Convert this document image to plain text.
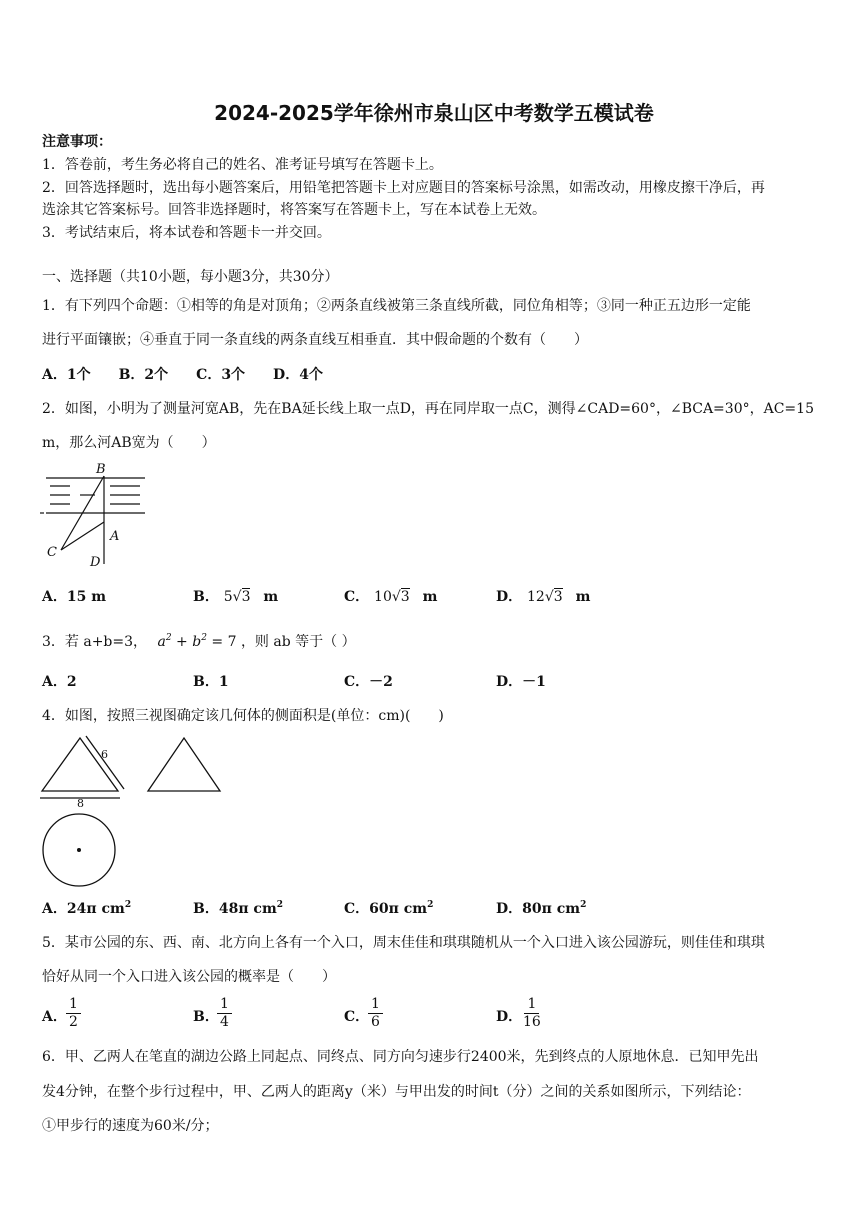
2024-2025学年徐州市泉山区中考数学五模试卷
注意事项：
1．答卷前，考生务必将自己的姓名、准考证号填写在答题卡上。
2．回答选择题时，选出每小题答案后，用铅笔把答题卡上对应题目的答案标号涂黑，如需改动，用橡皮擦干净后，再
选涂其它答案标号。回答非选择题时，将答案写在答题卡上，写在本试卷上无效。
3．考试结束后，将本试卷和答题卡一并交回。
一、选择题（共10小题，每小题3分，共30分）
1．有下列四个命题：①相等的角是对顶角；②两条直线被第三条直线所截，同位角相等；③同一种正五边形一定能
进行平面镶嵌；④垂直于同一条直线的两条直线互相垂直．其中假命题的个数有（　　）
A．1个　　B．2个　　C．3个　　D．4个
2．如图，小明为了测量河宽AB，先在BA延长线上取一点D，再在同岸取一点C，测得∠CAD=60°，∠BCA=30°，AC=15
m，那么河AB宽为（　　）
B
A
C
D
A．15 m	B． 5√3 m	C． 10√3 m	D． 12√3 m
3．若 a+b=3， $a^2 + b^2 = 7$ ，则 ab 等于（ ）
A．2	B．1	C．－2	D．－1
4．如图，按照三视图确定该几何体的侧面积是(单位：cm)(　　)
6
8
A．24π $cm^2$	B．48π $cm^2$	C．60π $cm^2$	D．80π $cm^2$
5．某市公园的东、西、南、北方向上各有一个入口，周末佳佳和琪琪随机从一个入口进入该公园游玩，则佳佳和琪琪
恰好从同一个入口进入该公园的概率是（　　）
A． $\frac{1}{2}$	B．
$\frac{1}{4}$	C．
$\frac{1}{6}$	D．
$\frac{1}{16}$
6．甲、乙两人在笔直的湖边公路上同起点、同终点、同方向匀速步行2400米，先到终点的人原地休息．已知甲先出
发4分钟，在整个步行过程中，甲、乙两人的距离y（米）与甲出发的时间t（分）之间的关系如图所示，下列结论：
①甲步行的速度为60米/分；
